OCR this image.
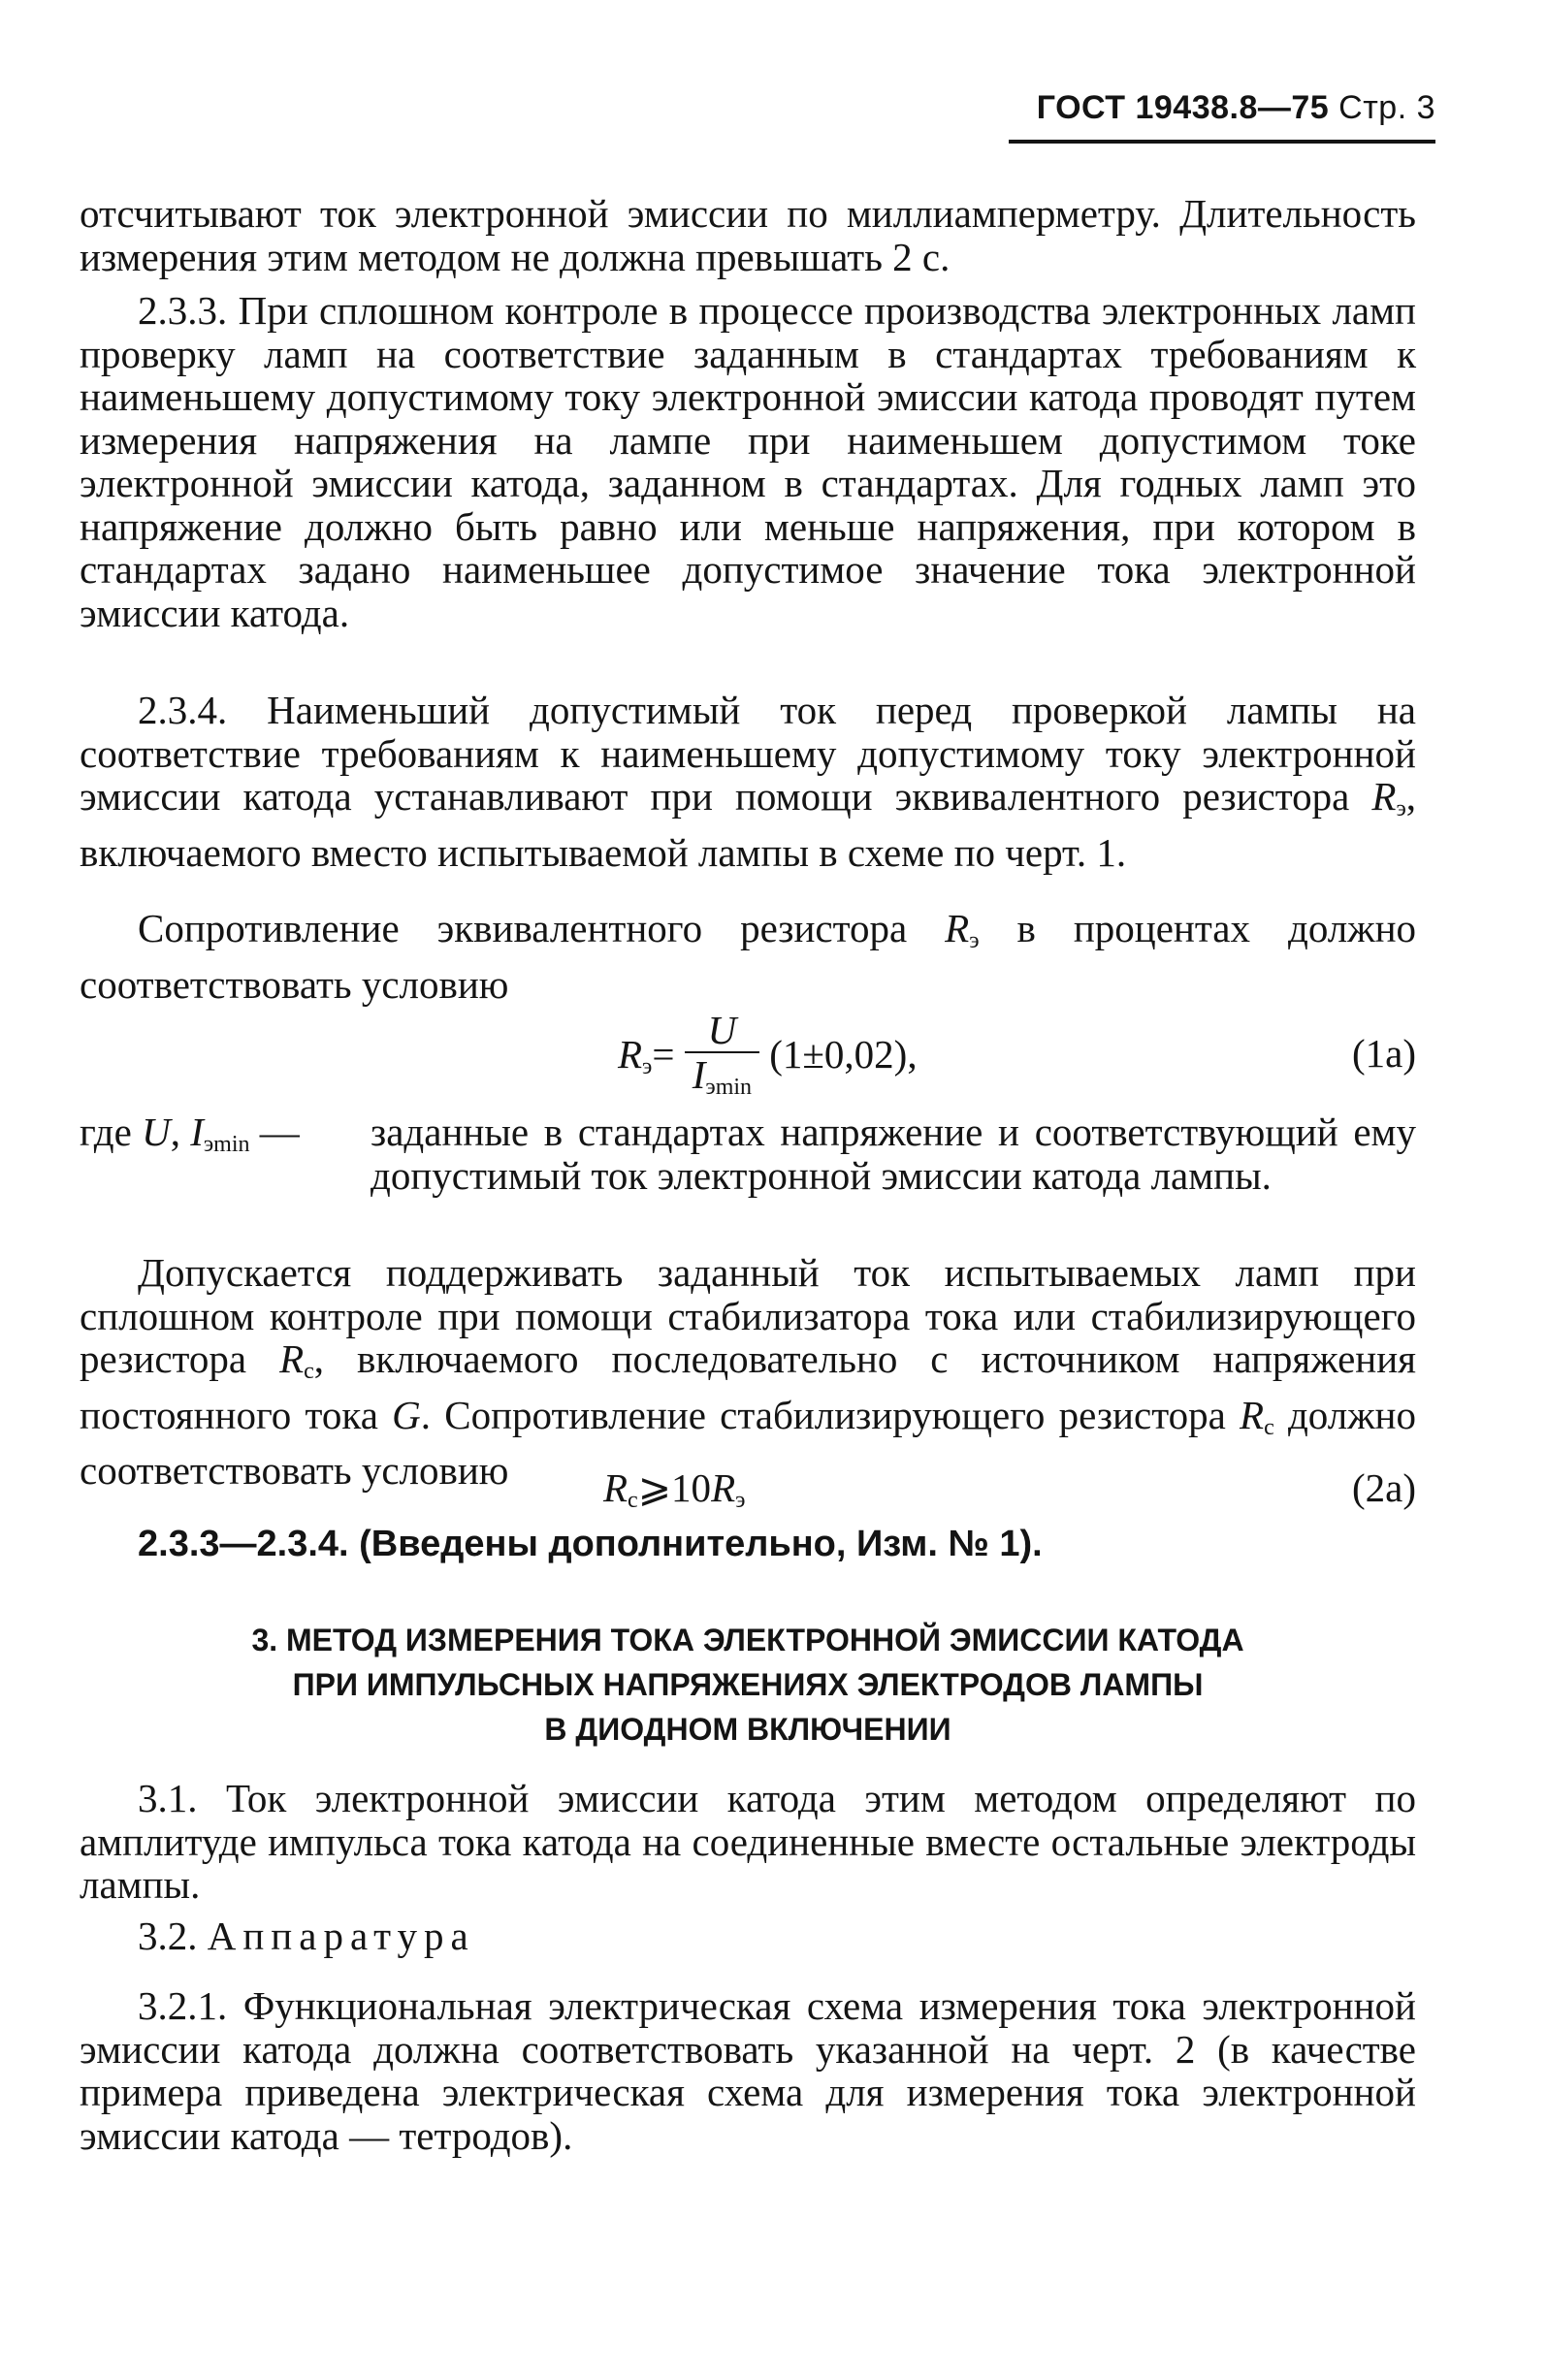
ГОСТ 19438.8—75 Стр. 3
отсчитывают ток электронной эмиссии по миллиамперметру. Длительность измерения этим методом не должна превышать 2 с.
2.3.3. При сплошном контроле в процессе производства электронных ламп проверку ламп на соответствие заданным в стандартах требованиям к наименьшему допустимому току электронной эмиссии катода проводят путем измерения напряжения на лампе при наименьшем допустимом токе электронной эмиссии катода, заданном в стандартах. Для годных ламп это напряжение должно быть равно или меньше напряжения, при котором в стандартах задано наименьшее допустимое значение тока электронной эмиссии катода.
2.3.4. Наименьший допустимый ток перед проверкой лампы на соответствие требованиям к наименьшему допустимому току электронной эмиссии катода устанавливают при помощи эквивалентного резистора $R_э$, включаемого вместо испытываемой лампы в схеме по черт. 1.
Сопротивление эквивалентного резистора $R_э$ в процентах должно соответствовать условию
$R_э= \frac{U}{I_{эmin}} (1\pm 0,02)$,	(1а)
где U, $I_{эmin}$ — заданные в стандартах напряжение и соответствующий ему допустимый ток электронной эмиссии катода лампы.
Допускается поддерживать заданный ток испытываемых ламп при сплошном контроле при помощи стабилизатора тока или стабилизирующего резистора $R_с$, включаемого последовательно с источником напряжения постоянного тока G. Сопротивление стабилизирующего резистора $R_с$ должно соответствовать условию	$R_с⩾10R_э$	(2а)
2.3.3—2.3.4. (Введены дополнительно, Изм. № 1).
3. МЕТОД ИЗМЕРЕНИЯ ТОКА ЭЛЕКТРОННОЙ ЭМИССИИ КАТОДА
ПРИ ИМПУЛЬСНЫХ НАПРЯЖЕНИЯХ ЭЛЕКТРОДОВ ЛАМПЫ
В ДИОДНОМ ВКЛЮЧЕНИИ
3.1. Ток электронной эмиссии катода этим методом определяют по амплитуде импульса тока катода на соединенные вместе остальные электроды лампы.
3.2. Аппаратура
3.2.1. Функциональная электрическая схема измерения тока электронной эмиссии катода должна соответствовать указанной на черт. 2 (в качестве примера приведена электрическая схема для измерения тока электронной эмиссии катода — тетродов).
